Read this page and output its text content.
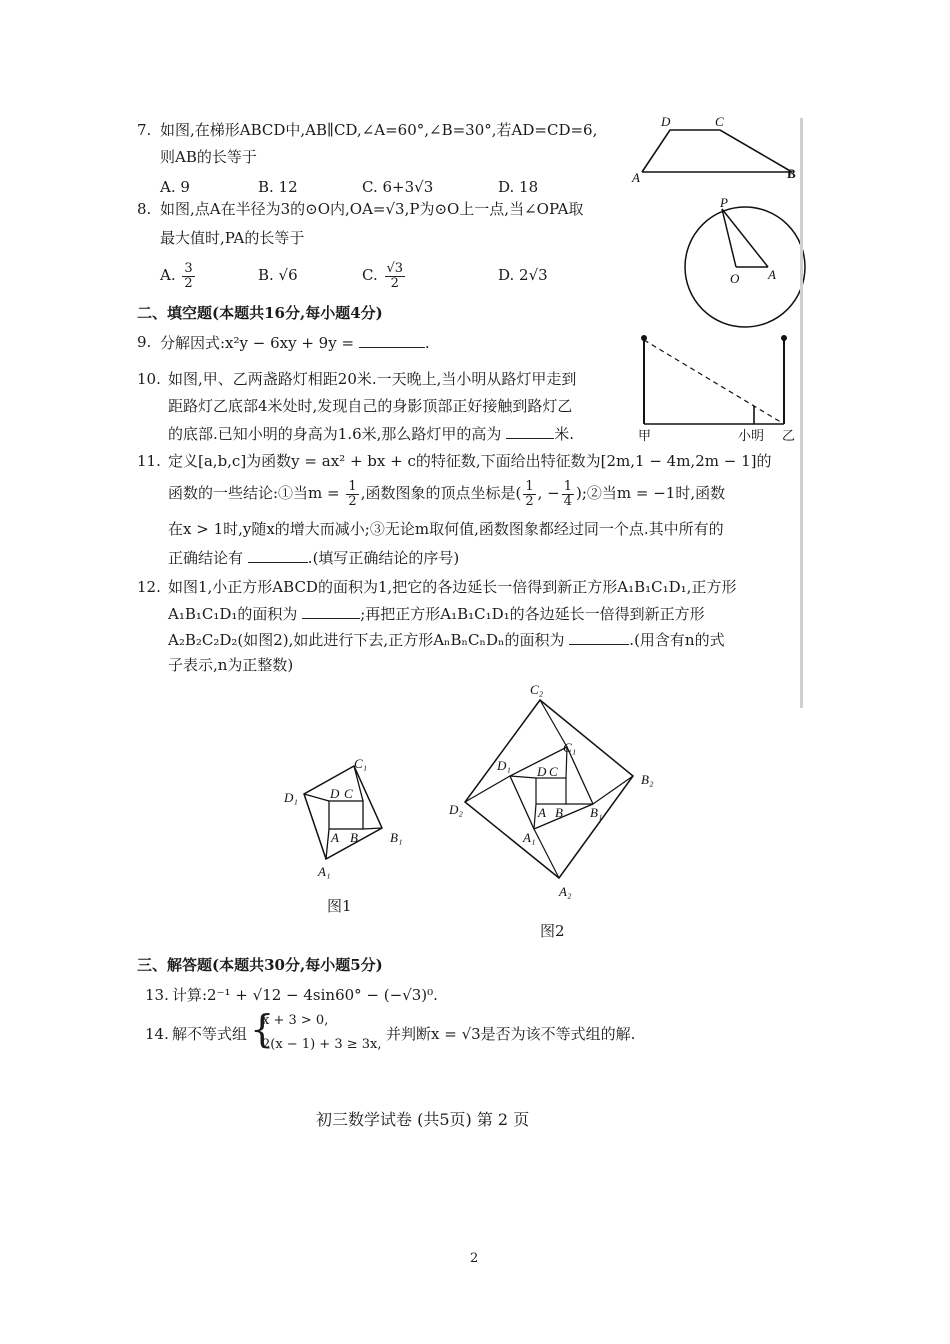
7. 如图,在梯形ABCD中,AB∥CD,∠A=60°,∠B=30°,若AD=CD=6,
则AB的长等于
A. 9	B. 12	C. 6+3√3	D. 18
D	C
A	B
8. 如图,点A在半径为3的⊙O内,OA=√3,P为⊙O上一点,当∠OPA取
最大值时,PA的长等于
A. $\frac{3}{2}$	B. √6	C. $\frac{√3}{2}$	D. 2√3
P
O A
二、填空题(本题共16分,每小题4分)
9. 分解因式:x²y − 6xy + 9y =	.
10. 如图,甲、乙两盏路灯相距20米.一天晚上,当小明从路灯甲走到
距路灯乙底部4米处时,发现自己的身影顶部正好接触到路灯乙
的底部.已知小明的身高为1.6米,那么路灯甲的高为	米.	甲	小明 乙
11. 定义[a,b,c]为函数y = ax² + bx + c的特征数,下面给出特征数为[2m,1 − 4m,2m − 1]的
函数的一些结论:①当$m = \frac{1}{2}$ ,函数图象的顶点坐标是( $\frac{1}{2}$ , − $\frac{1}{4}$ );②当m = −1时,函数
在x > 1时,y随x的增大而减小;③无论m取何值,函数图象都经过同一个点.其中所有的
正确结论有	.(填写正确结论的序号)
12. 如图1,小正方形ABCD的面积为1,把它的各边延长一倍得到新正方形A₁B₁C₁D₁,正方形
A₁B₁C₁D₁的面积为	;再把正方形A₁B₁C₁D₁的各边延长一倍得到新正方形
A₂B₂C₂D₂(如图2),如此进行下去,正方形AₙBₙCₙDₙ的面积为	.(用含有n的式
子表示,n为正整数)
C₁
D₁ D C
A B B₁
A₁
图1
C₂
C₁
D₁ D C
B₂
D₂	A B B₁
A₁
A₂
图2
三、解答题(本题共30分,每小题5分)
13. 计算:2⁻¹ + √12 − 4sin60° − (−√3)⁰.
14. 解不等式组 {
x + 3 > 0,
2(x − 1) + 3 ≥ 3x,
并判断x = √3是否为该不等式组的解.
初三数学试卷 (共5页) 第 2 页
2
